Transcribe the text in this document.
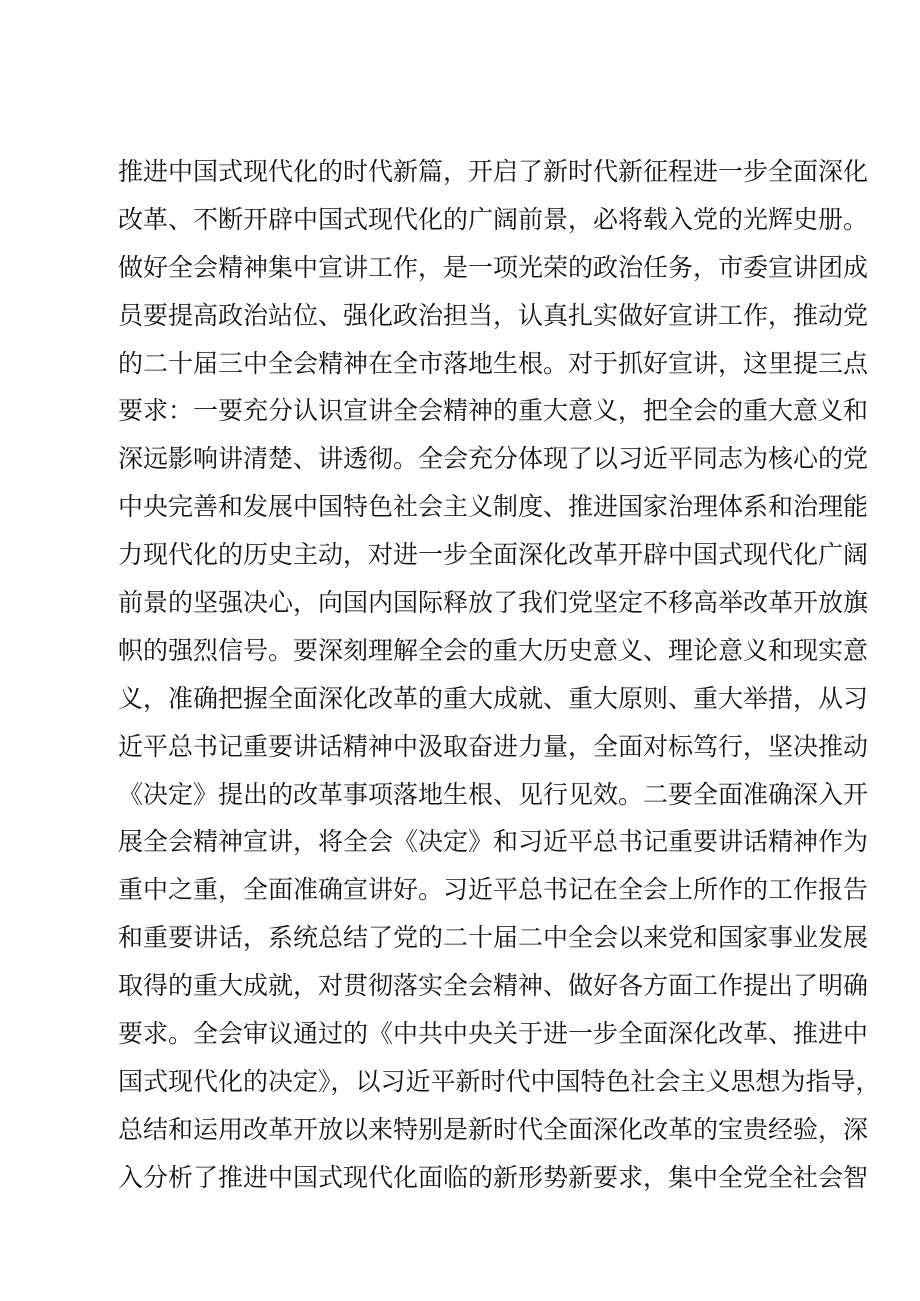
推进中国式现代化的时代新篇，开启了新时代新征程进一步全面深化
改革、不断开辟中国式现代化的广阔前景，必将载入党的光辉史册。
做好全会精神集中宣讲工作，是一项光荣的政治任务，市委宣讲团成
员要提高政治站位、强化政治担当，认真扎实做好宣讲工作，推动党
的二十届三中全会精神在全市落地生根。对于抓好宣讲，这里提三点
要求：一要充分认识宣讲全会精神的重大意义，把全会的重大意义和
深远影响讲清楚、讲透彻。全会充分体现了以习近平同志为核心的党
中央完善和发展中国特色社会主义制度、推进国家治理体系和治理能
力现代化的历史主动，对进一步全面深化改革开辟中国式现代化广阔
前景的坚强决心，向国内国际释放了我们党坚定不移高举改革开放旗
帜的强烈信号。要深刻理解全会的重大历史意义、理论意义和现实意
义，准确把握全面深化改革的重大成就、重大原则、重大举措，从习
近平总书记重要讲话精神中汲取奋进力量，全面对标笃行，坚决推动
《决定》提出的改革事项落地生根、见行见效。二要全面准确深入开
展全会精神宣讲，将全会《决定》和习近平总书记重要讲话精神作为
重中之重，全面准确宣讲好。习近平总书记在全会上所作的工作报告
和重要讲话，系统总结了党的二十届二中全会以来党和国家事业发展
取得的重大成就，对贯彻落实全会精神、做好各方面工作提出了明确
要求。全会审议通过的《中共中央关于进一步全面深化改革、推进中
国式现代化的决定》，以习近平新时代中国特色社会主义思想为指导，
总结和运用改革开放以来特别是新时代全面深化改革的宝贵经验，深
入分析了推进中国式现代化面临的新形势新要求，集中全党全社会智
